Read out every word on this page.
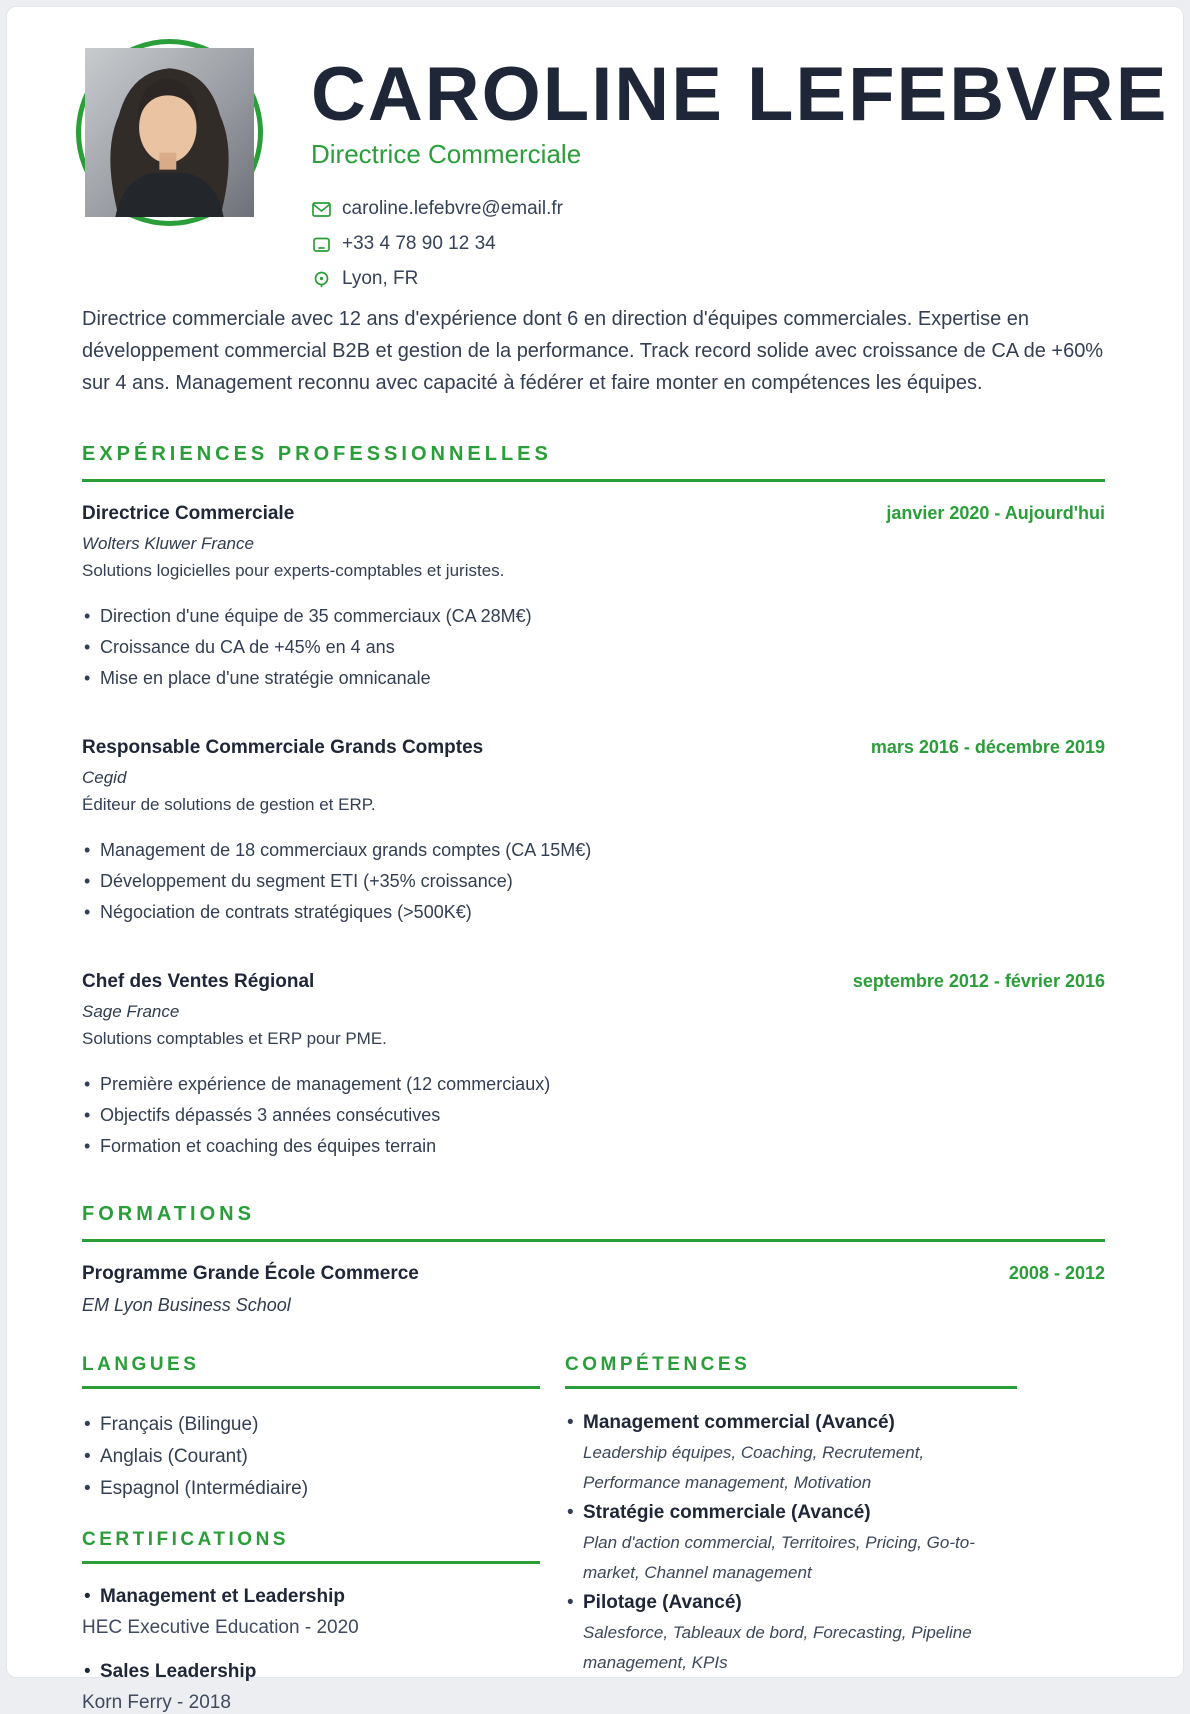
CAROLINE LEFEBVRE
Directrice Commerciale
caroline.lefebvre@email.fr
+33 4 78 90 12 34
Lyon, FR

Directrice commerciale avec 12 ans d'expérience dont 6 en direction d'équipes commerciales. Expertise en développement commercial B2B et gestion de la performance. Track record solide avec croissance de CA de +60% sur 4 ans. Management reconnu avec capacité à fédérer et faire monter en compétences les équipes.

EXPÉRIENCES PROFESSIONNELLES
Directrice Commerciale	janvier 2020 - Aujourd'hui
Wolters Kluwer France
Solutions logicielles pour experts-comptables et juristes.
• Direction d'une équipe de 35 commerciaux (CA 28M€)
• Croissance du CA de +45% en 4 ans
• Mise en place d'une stratégie omnicanale
Responsable Commerciale Grands Comptes	mars 2016 - décembre 2019
Cegid
Éditeur de solutions de gestion et ERP.
• Management de 18 commerciaux grands comptes (CA 15M€)
• Développement du segment ETI (+35% croissance)
• Négociation de contrats stratégiques (>500K€)
Chef des Ventes Régional	septembre 2012 - février 2016
Sage France
Solutions comptables et ERP pour PME.
• Première expérience de management (12 commerciaux)
• Objectifs dépassés 3 années consécutives
• Formation et coaching des équipes terrain
FORMATIONS
Programme Grande École Commerce	2008 - 2012
EM Lyon Business School
LANGUES
• Français (Bilingue)
• Anglais (Courant)
• Espagnol (Intermédiaire)
CERTIFICATIONS
• Management et Leadership
HEC Executive Education - 2020
• Sales Leadership
Korn Ferry - 2018
COMPÉTENCES
• Management commercial (Avancé)
Leadership équipes, Coaching, Recrutement, Performance management, Motivation
• Stratégie commerciale (Avancé)
Plan d'action commercial, Territoires, Pricing, Go-to-market, Channel management
• Pilotage (Avancé)
Salesforce, Tableaux de bord, Forecasting, Pipeline management, KPIs
